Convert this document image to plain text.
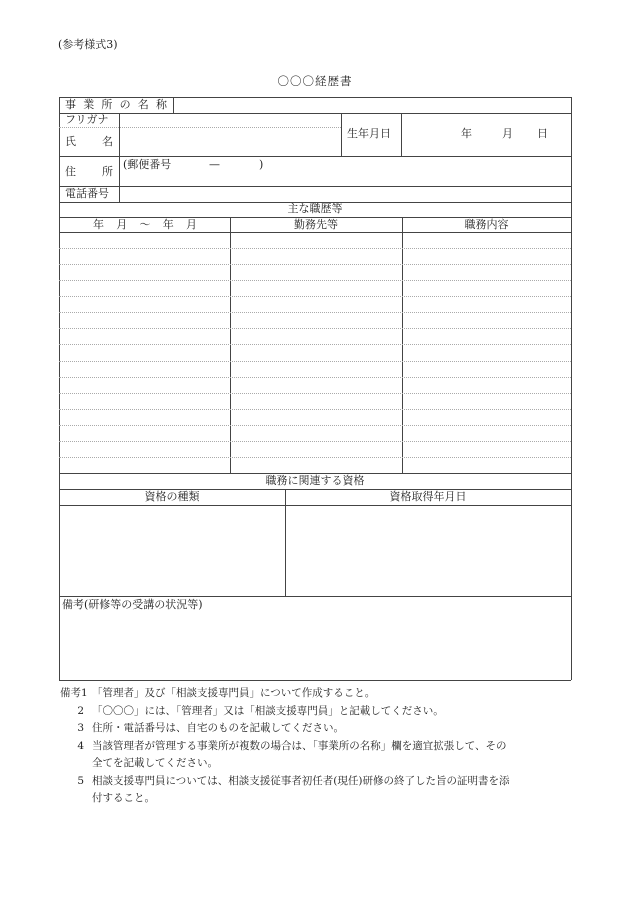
(参考様式3)
〇〇〇経歴書
事 業 所 の 名 称
フリガナ
氏 名
生年月日	年	月 日
住 所
(郵便番号	—	)
電話番号
主な職歴等
年 月 〜 年 月	勤務先等	職務内容
職務に関連する資格
資格の種類	資格取得年月日
備考(研修等の受講の状況等)
備考1 「管理者」及び「相談支援専門員」について作成すること。
2 「〇〇〇」には、「管理者」又は「相談支援専門員」と記載してください。
3 住所・電話番号は、自宅のものを記載してください。
4 当該管理者が管理する事業所が複数の場合は、「事業所の名称」欄を適宜拡張して、その
全てを記載してください。
5 相談支援専門員については、相談支援従事者初任者(現任)研修の終了した旨の証明書を添
付すること。
